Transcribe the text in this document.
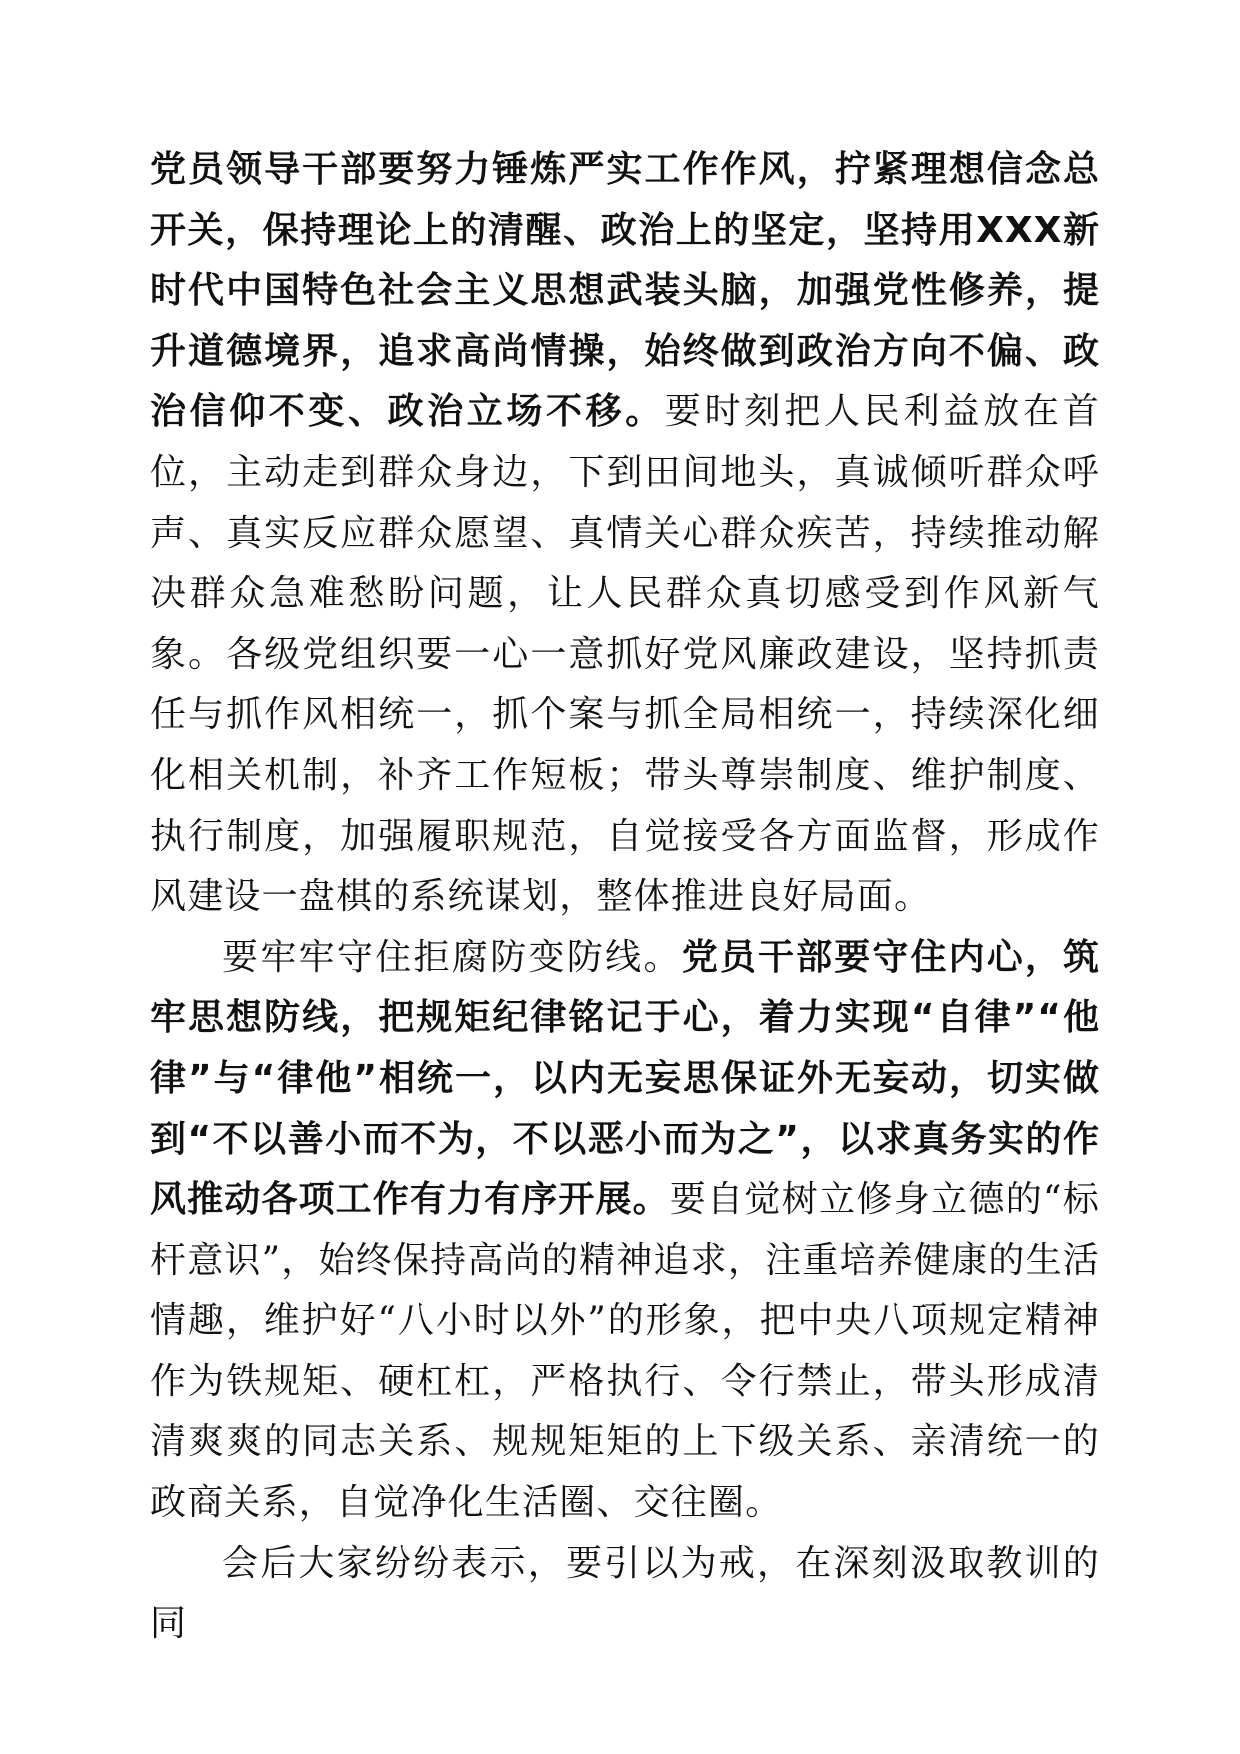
党员领导干部要努力锤炼严实工作作风，拧紧理想信念总开关，保持理论上的清醒、政治上的坚定，坚持用XXX新时代中国特色社会主义思想武装头脑，加强党性修养，提升道德境界，追求高尚情操，始终做到政治方向不偏、政治信仰不变、政治立场不移。要时刻把人民利益放在首位，主动走到群众身边，下到田间地头，真诚倾听群众呼声、真实反应群众愿望、真情关心群众疾苦，持续推动解决群众急难愁盼问题，让人民群众真切感受到作风新气象。各级党组织要一心一意抓好党风廉政建设，坚持抓责任与抓作风相统一，抓个案与抓全局相统一，持续深化细化相关机制，补齐工作短板；带头尊崇制度、维护制度、执行制度，加强履职规范，自觉接受各方面监督，形成作风建设一盘棋的系统谋划，整体推进良好局面。

要牢牢守住拒腐防变防线。党员干部要守住内心，筑牢思想防线，把规矩纪律铭记于心，着力实现“自律”“他律”与“律他”相统一，以内无妄思保证外无妄动，切实做到“不以善小而不为，不以恶小而为之”，以求真务实的作风推动各项工作有力有序开展。要自觉树立修身立德的“标杆意识”，始终保持高尚的精神追求，注重培养健康的生活情趣，维护好“八小时以外”的形象，把中央八项规定精神作为铁规矩、硬杠杠，严格执行、令行禁止，带头形成清清爽爽的同志关系、规规矩矩的上下级关系、亲清统一的政商关系，自觉净化生活圈、交往圈。

会后大家纷纷表示，要引以为戒，在深刻汲取教训的同
